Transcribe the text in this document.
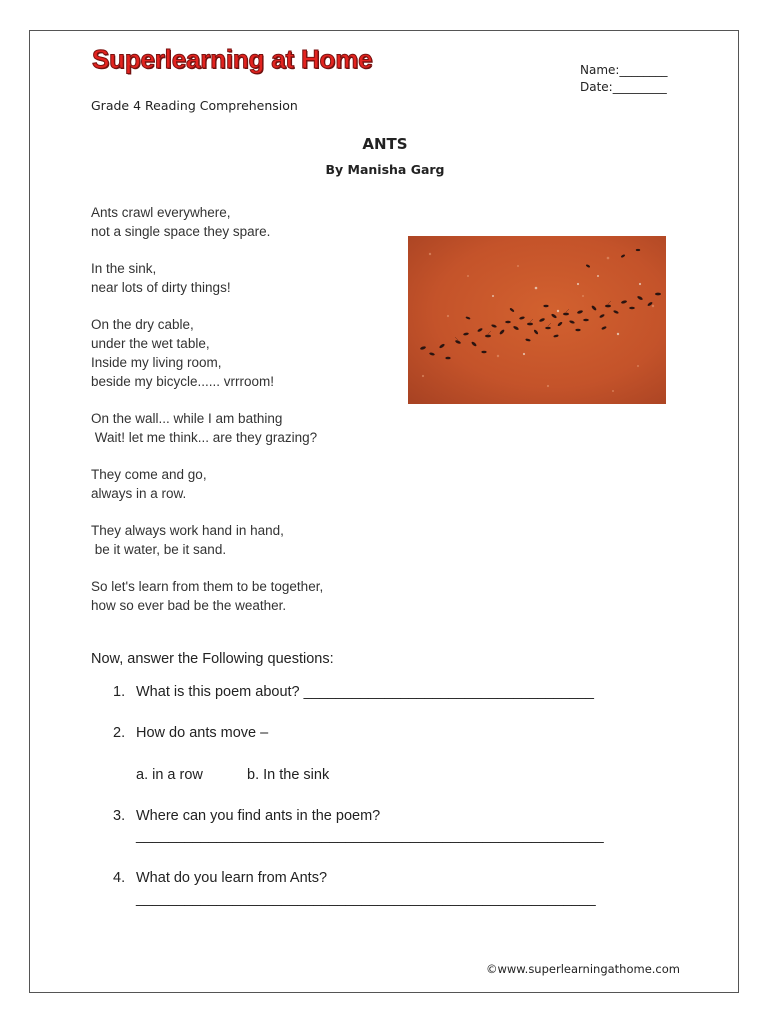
Superlearning at Home	Name:________
Date:_________
Grade 4 Reading Comprehension
ANTS
By Manisha Garg
Ants crawl everywhere,
not a single space they spare.
In the sink,
near lots of dirty things!
On the dry cable,
under the wet table,
Inside my living room,
beside my bicycle...... vrrroom!
On the wall... while I am bathing
Wait! let me think... are they grazing?
They come and go,
always in a row.
They always work hand in hand,
be it water, be it sand.
So let's learn from them to be together,
how so ever bad be the weather.

Now, answer the Following questions:

1. What is this poem about? ____________________________________
2. How do ants move –
a. in a row	b. In the sink
3. Where can you find ants in the poem?
__________________________________________________________
4. What do you learn from Ants?
_________________________________________________________
©www.superlearningathome.com
